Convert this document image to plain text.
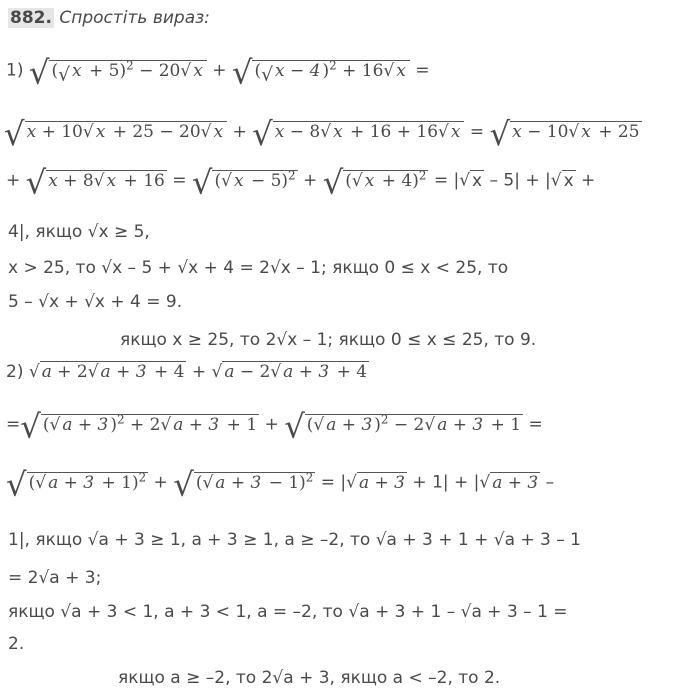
882. Спростіть вираз:
1) √ (√ x + 5)$^2$ − 20√ x + √ (√ x − 4 )$^2$ + 16√ x =
√ x + 10√ x + 25 − 20√ x + √ x − 8√ x + 16 + 16√ x = √ x − 10√ x + 25
+ √ x + 8√ x + 16 = √ (√ x − 5)$^2$ + √ (√ x + 4)$^2$ = |√ x – 5| + |√ x +
4|, якщо √x ≥ 5,
x > 25, то √x – 5 + √x + 4 = 2√x – 1; якщо 0 ≤ x < 25, то
5 – √x + √x + 4 = 9.
якщо x ≥ 25, то 2√x – 1; якщо 0 ≤ x ≤ 25, то 9.
2) √ a + 2√ a + 3 + 4 + √ a − 2√ a + 3 + 4
=√ (√ a + 3 )$^2$ + 2√ a + 3 + 1 + √ (√ a + 3 )$^2$ − 2√ a + 3 + 1 =
√ (√ a + 3 + 1)$^2$ + √ (√ a + 3 − 1)$^2$ = |√ a + 3 + 1| + |√ a + 3 –
1|, якщо √a + 3 ≥ 1, a + 3 ≥ 1, a ≥ –2, то √a + 3 + 1 + √a + 3 – 1
= 2√a + 3;
якщо √a + 3 < 1, a + 3 < 1, a = –2, то √a + 3 + 1 – √a + 3 – 1 =
2.
якщо a ≥ –2, то 2√a + 3, якщо a < –2, то 2.
